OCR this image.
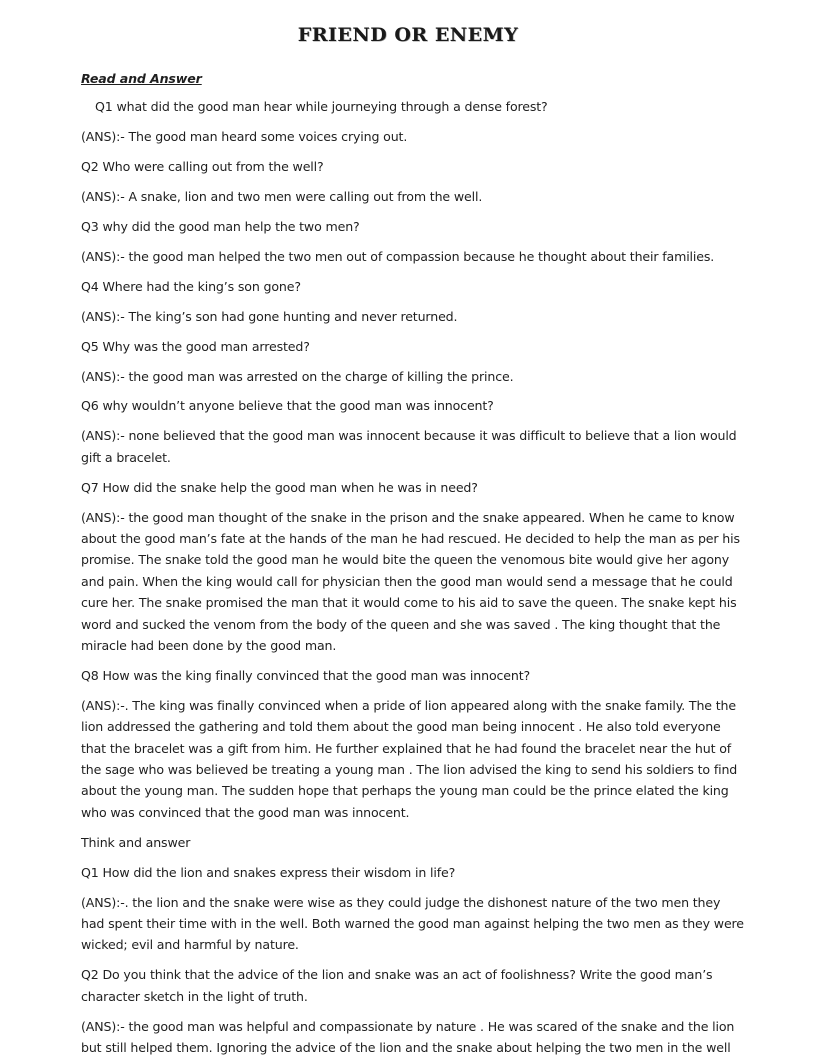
FRIEND OR ENEMY

Read and Answer

Q1 what did the good man hear while journeying through a dense forest?

(ANS):- The good man heard some voices crying out.

Q2 Who were calling out from the well?

(ANS):- A snake, lion and two men were calling out from the well.

Q3 why did the good man help the two men?

(ANS):- the good man helped the two men out of compassion because he thought about their families.

Q4 Where had the king’s son gone?

(ANS):- The king’s son had gone hunting and never returned.

Q5 Why was the good man arrested?

(ANS):- the good man was arrested on the charge of killing the prince.

Q6 why wouldn’t anyone believe that the good man was innocent?

(ANS):- none believed that the good man was innocent because it was difficult to believe that a lion would gift a bracelet.

Q7 How did the snake help the good man when he was in need?

(ANS):- the good man thought of the snake in the prison and the snake appeared. When he came to know about the good man’s fate at the hands of the man he had rescued. He decided to help the man as per his promise. The snake told the good man he would bite the queen the venomous bite would give her agony and pain. When the king would call for physician then the good man would send a message that he could cure her. The snake promised the man that it would come to his aid to save the queen. The snake kept his word and sucked the venom from the body of the queen and she was saved . The king thought that the miracle had been done by the good man.

Q8 How was the king finally convinced that the good man was innocent?

(ANS):-. The king was finally convinced when a pride of lion appeared along with the snake family. The the lion addressed the gathering and told them about the good man being innocent . He also told everyone that the bracelet was a gift from him. He further explained that he had found the bracelet near the hut of the sage who was believed be treating a young man . The lion advised the king to send his soldiers to find about the young man. The sudden hope that perhaps the young man could be the prince elated the king who was convinced that the good man was innocent.

Think and answer

Q1 How did the lion and snakes express their wisdom in life?

(ANS):-. the lion and the snake were wise as they could judge the dishonest nature of the two men they had spent their time with in the well. Both warned the good man against helping the two men as they were wicked; evil and harmful by nature.

Q2 Do you think that the advice of the lion and snake was an act of foolishness? Write the good man’s character sketch in the light of truth.

(ANS):- the good man was helpful and compassionate by nature . He was scared of the snake and the lion but still helped them. Ignoring the advice of the lion and the snake about helping the two men in the well
